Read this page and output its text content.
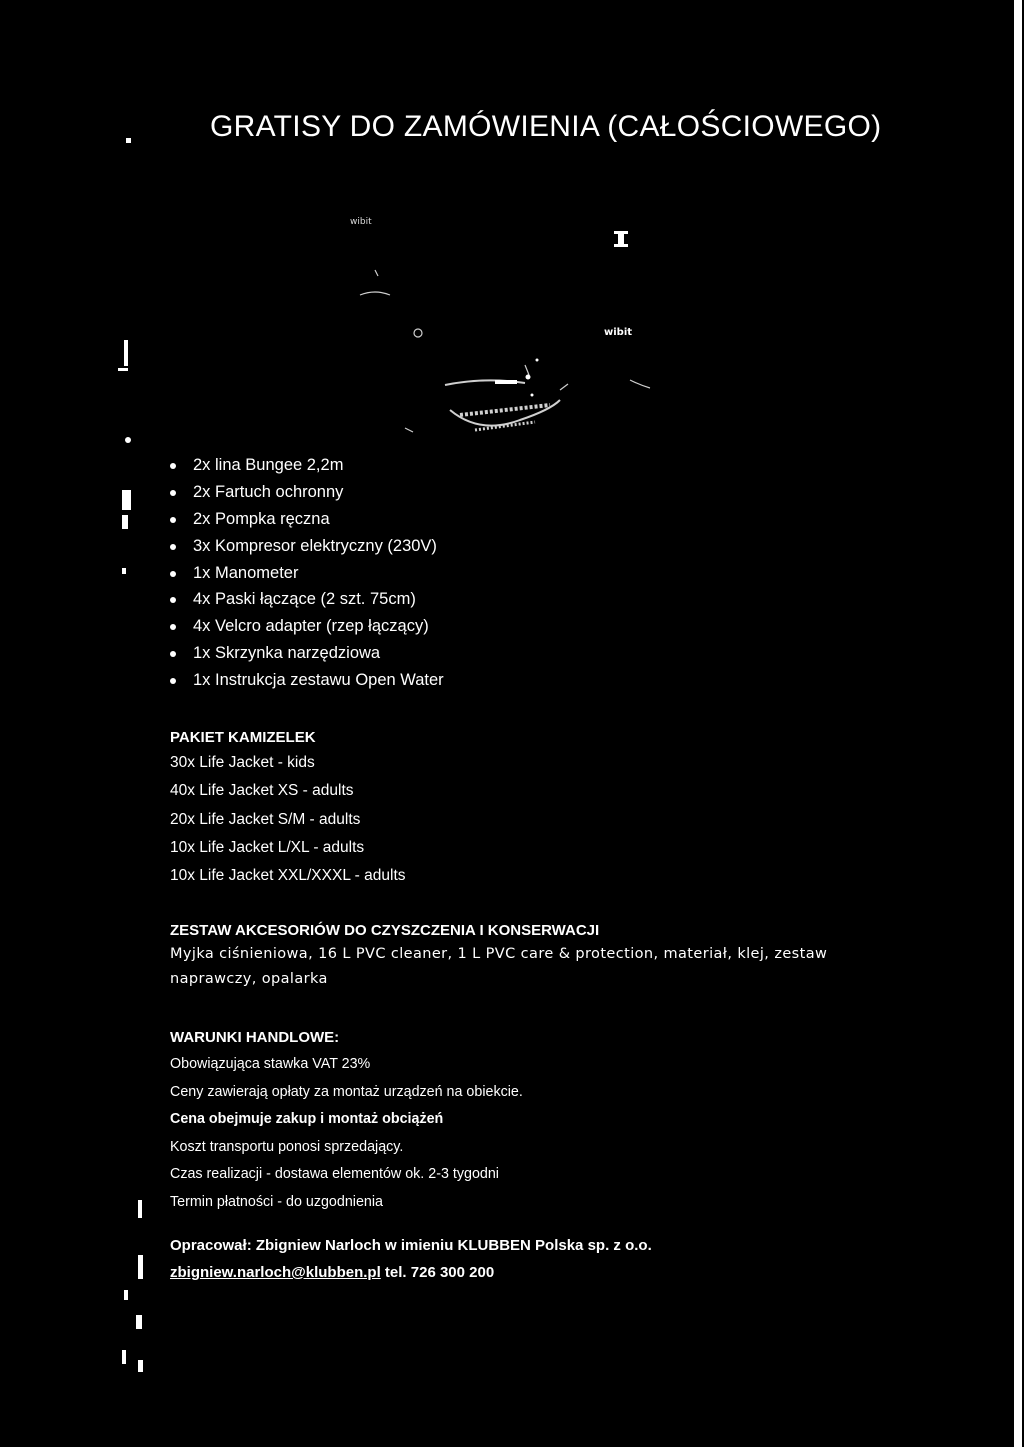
GRATISY DO ZAMÓWIENIA (CAŁOŚCIOWEGO)
wibit
wibit
2x lina Bungee 2,2m
2x Fartuch ochronny
2x Pompka ręczna
3x Kompresor elektryczny (230V)
1x Manometer
4x Paski łączące (2 szt. 75cm)
4x Velcro adapter (rzep łączący)
1x Skrzynka narzędziowa
1x Instrukcja zestawu Open Water
PAKIET KAMIZELEK
30x Life Jacket - kids
40x Life Jacket XS - adults
20x Life Jacket S/M - adults
10x Life Jacket L/XL - adults
10x Life Jacket XXL/XXXL - adults
ZESTAW AKCESORIÓW DO CZYSZCZENIA I KONSERWACJI
Myjka ciśnieniowa, 16 L PVC cleaner, 1 L PVC care & protection, materiał, klej, zestaw naprawczy, opalarka
WARUNKI HANDLOWE:
Obowiązująca stawka VAT 23%
Ceny zawierają opłaty za montaż urządzeń na obiekcie.
Cena obejmuje zakup i montaż obciążeń
Koszt transportu ponosi sprzedający.
Czas realizacji - dostawa elementów ok. 2-3 tygodni
Termin płatności - do uzgodnienia
Opracował: Zbigniew Narloch w imieniu KLUBBEN Polska sp. z o.o.
zbigniew.narloch@klubben.pl tel. 726 300 200
